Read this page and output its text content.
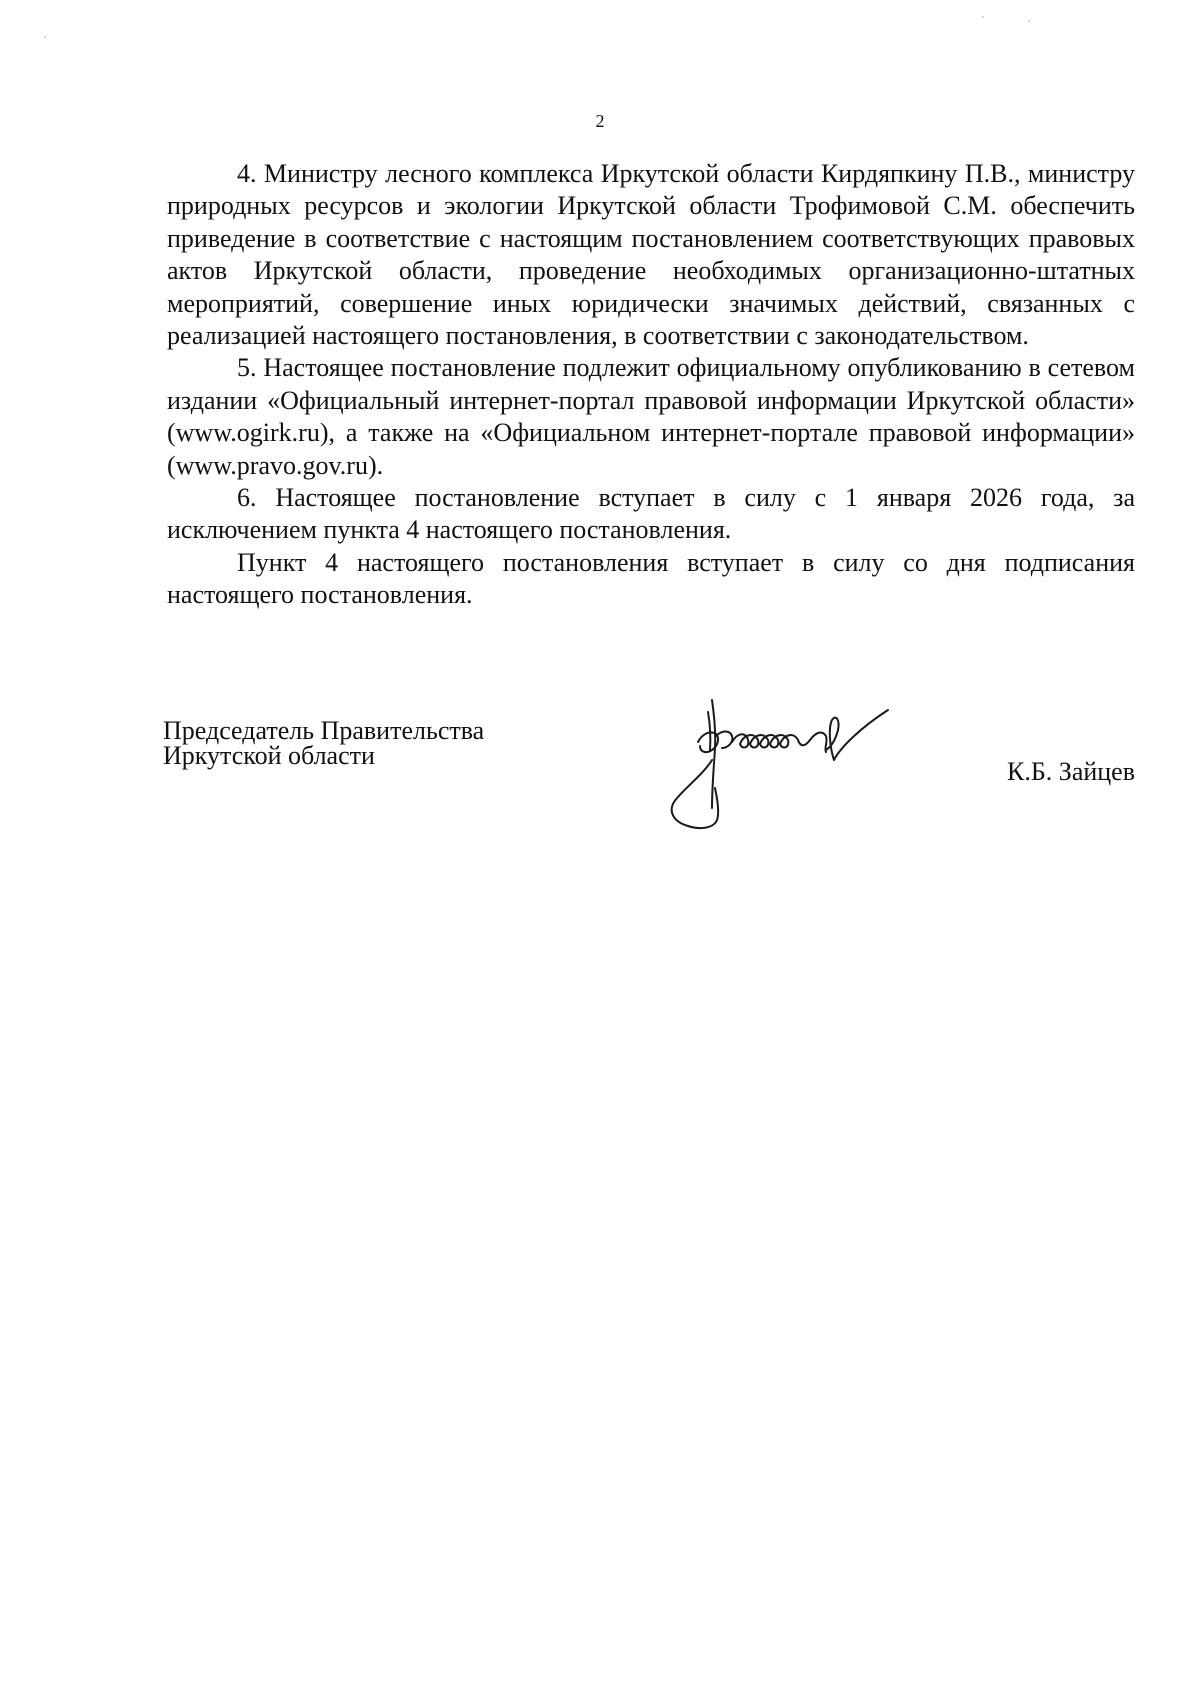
2

4. Министру лесного комплекса Иркутской области Кирдяпкину П.В., министру природных ресурсов и экологии Иркутской области Трофимовой С.М. обеспечить приведение в соответствие с настоящим постановлением соответствующих правовых актов Иркутской области, проведение необходимых организационно-штатных мероприятий, совершение иных юридически значимых действий, связанных с реализацией настоящего постановления, в соответствии с законодательством.

5. Настоящее постановление подлежит официальному опубликованию в сетевом издании «Официальный интернет-портал правовой информации Иркутской области» (www.ogirk.ru), а также на «Официальном интернет-портале правовой информации» (www.pravo.gov.ru).

6. Настоящее постановление вступает в силу с 1 января 2026 года, за исключением пункта 4 настоящего постановления.

Пункт 4 настоящего постановления вступает в силу со дня подписания настоящего постановления.

Председатель Правительства
Иркутской области
К.Б. Зайцев
